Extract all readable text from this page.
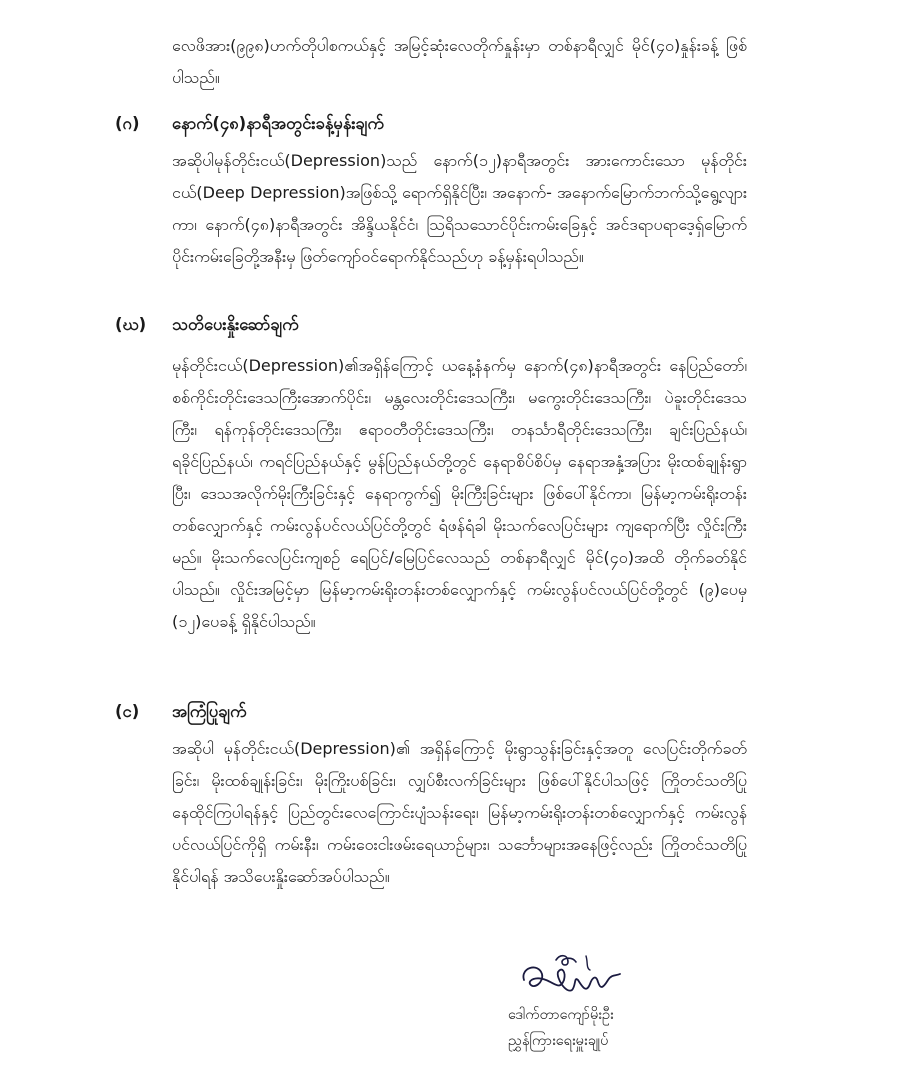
လေဖိအား(၉၉၈)ဟက်တိုပါစကယ်နှင့် အမြင့်ဆုံးလေတိုက်နှုန်းမှာ တစ်နာရီလျှင် မိုင်(၄၀)နှုန်းခန့် ဖြစ်ပါသည်။

(ဂ) နောက်(၄၈)နာရီအတွင်းခန့်မှန်းချက်

အဆိုပါမုန်တိုင်းငယ်(Depression)သည် နောက်(၁၂)နာရီအတွင်း အားကောင်းသော မုန်တိုင်းငယ်(Deep Depression)အဖြစ်သို့ ရောက်ရှိနိုင်ပြီး၊ အနောက်- အနောက်မြောက်ဘက်သို့ရွေ့လျားကာ၊ နောက်(၄၈)နာရီအတွင်း အိန္ဒိယနိုင်ငံ၊ ဩရိသသောင်ပိုင်းကမ်းခြေနှင့် အင်ဒရာပရာဒေ့ရှ်မြောက်ပိုင်းကမ်းခြေတို့အနီးမှ ဖြတ်ကျော်ဝင်ရောက်နိုင်သည်ဟု ခန့်မှန်းရပါသည်။

(ဃ) သတိပေးနှိုးဆော်ချက်

မုန်တိုင်းငယ်(Depression)၏အရှိန်ကြောင့် ယနေ့နံနက်မှ နောက်(၄၈)နာရီအတွင်း နေပြည်တော်၊ စစ်ကိုင်းတိုင်းဒေသကြီးအောက်ပိုင်း၊ မန္တလေးတိုင်းဒေသကြီး၊ မကွေးတိုင်းဒေသကြီး၊ ပဲခူးတိုင်းဒေသကြီး၊ ရန်ကုန်တိုင်းဒေသကြီး၊ ဧရာဝတီတိုင်းဒေသကြီး၊ တနင်္သာရီတိုင်းဒေသကြီး၊ ချင်းပြည်နယ်၊ ရခိုင်ပြည်နယ်၊ ကရင်ပြည်နယ်နှင့် မွန်ပြည်နယ်တို့တွင် နေရာစိပ်စိပ်မှ နေရာအနှံ့အပြား မိုးထစ်ချုန်းရွာပြီး၊ ဒေသအလိုက်မိုးကြီးခြင်းနှင့် နေရာကွက်၍ မိုးကြီးခြင်းများ ဖြစ်ပေါ်နိုင်ကာ၊ မြန်မာ့ကမ်းရိုးတန်းတစ်လျှောက်နှင့် ကမ်းလွန်ပင်လယ်ပြင်တို့တွင် ရံဖန်ရံခါ မိုးသက်လေပြင်းများ ကျရောက်ပြီး လှိုင်းကြီးမည်။ မိုးသက်လေပြင်းကျစဉ် ရေပြင်/မြေပြင်လေသည် တစ်နာရီလျှင် မိုင်(၄၀)အထိ တိုက်ခတ်နိုင်ပါသည်။ လှိုင်းအမြင့်မှာ မြန်မာ့ကမ်းရိုးတန်းတစ်လျှောက်နှင့် ကမ်းလွန်ပင်လယ်ပြင်တို့တွင် (၉)ပေမှ (၁၂)ပေခန့် ရှိနိုင်ပါသည်။

(င) အကြံပြုချက်

အဆိုပါ မုန်တိုင်းငယ်(Depression)၏ အရှိန်ကြောင့် မိုးရွာသွန်းခြင်းနှင့်အတူ လေပြင်းတိုက်ခတ်ခြင်း၊ မိုးထစ်ချုန်းခြင်း၊ မိုးကြိုးပစ်ခြင်း၊ လျှပ်စီးလက်ခြင်းများ ဖြစ်ပေါ်နိုင်ပါသဖြင့် ကြိုတင်သတိပြုနေထိုင်ကြပါရန်နှင့် ပြည်တွင်းလေကြောင်းပျံသန်းရေး၊ မြန်မာ့ကမ်းရိုးတန်းတစ်လျှောက်နှင့် ကမ်းလွန်ပင်လယ်ပြင်ကိုရှိ ကမ်းနီး၊ ကမ်းဝေးငါးဖမ်းရေယာဉ်များ၊ သင်္ဘောများအနေဖြင့်လည်း ကြိုတင်သတိပြုနိုင်ပါရန် အသိပေးနှိုးဆော်အပ်ပါသည်။

ဒေါက်တာကျော်မိုးဦး
ညွှန်ကြားရေးမှူးချုပ်
